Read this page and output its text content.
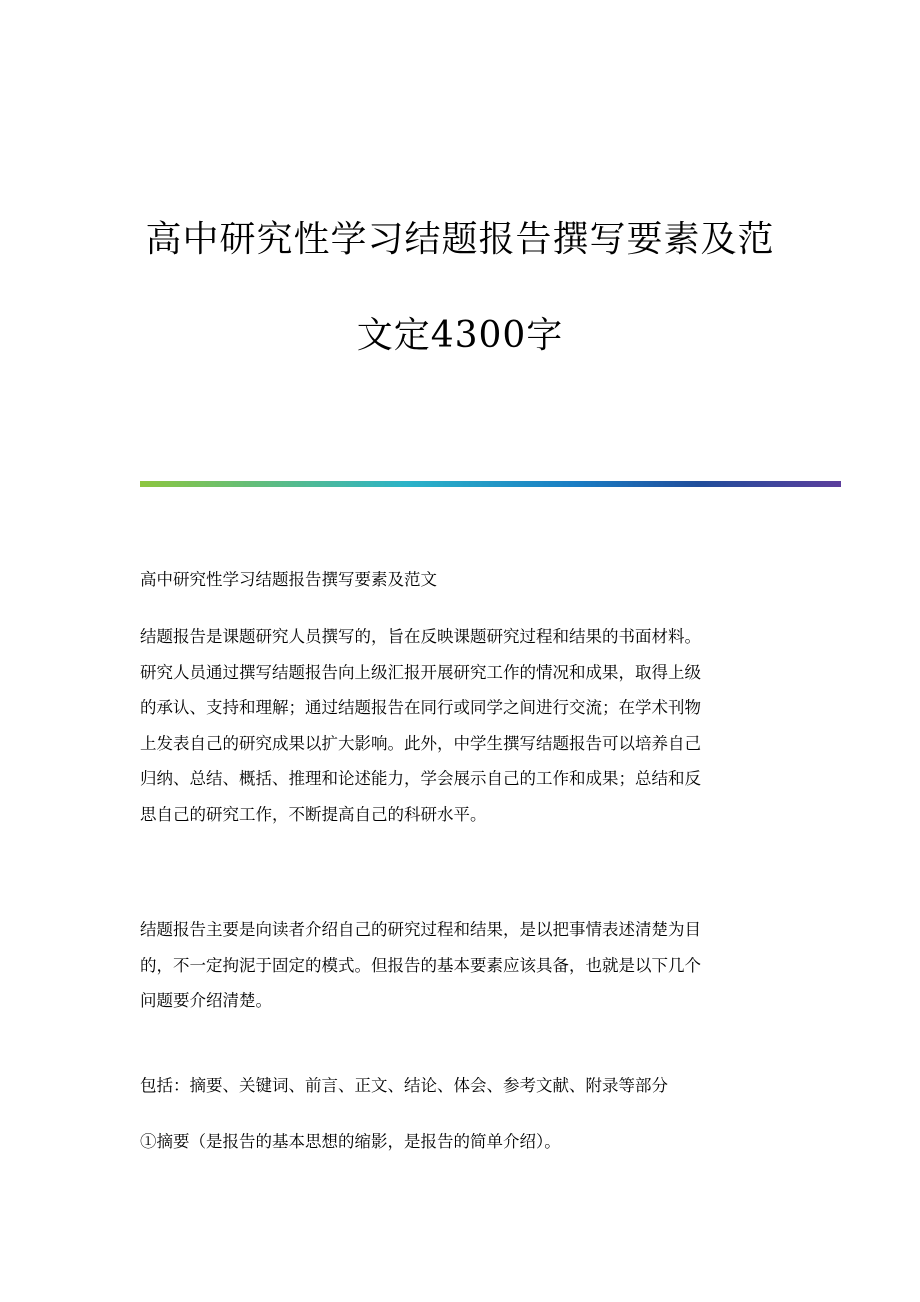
高中研究性学习结题报告撰写要素及范
文定4300字
高中研究性学习结题报告撰写要素及范文
结题报告是课题研究人员撰写的，旨在反映课题研究过程和结果的书面材料。
研究人员通过撰写结题报告向上级汇报开展研究工作的情况和成果，取得上级
的承认、支持和理解；通过结题报告在同行或同学之间进行交流；在学术刊物
上发表自己的研究成果以扩大影响。此外，中学生撰写结题报告可以培养自己
归纳、总结、概括、推理和论述能力，学会展示自己的工作和成果；总结和反
思自己的研究工作，不断提高自己的科研水平。
结题报告主要是向读者介绍自己的研究过程和结果，是以把事情表述清楚为目
的，不一定拘泥于固定的模式。但报告的基本要素应该具备，也就是以下几个
问题要介绍清楚。
包括：摘要、关键词、前言、正文、结论、体会、参考文献、附录等部分
①摘要（是报告的基本思想的缩影，是报告的简单介绍）。
